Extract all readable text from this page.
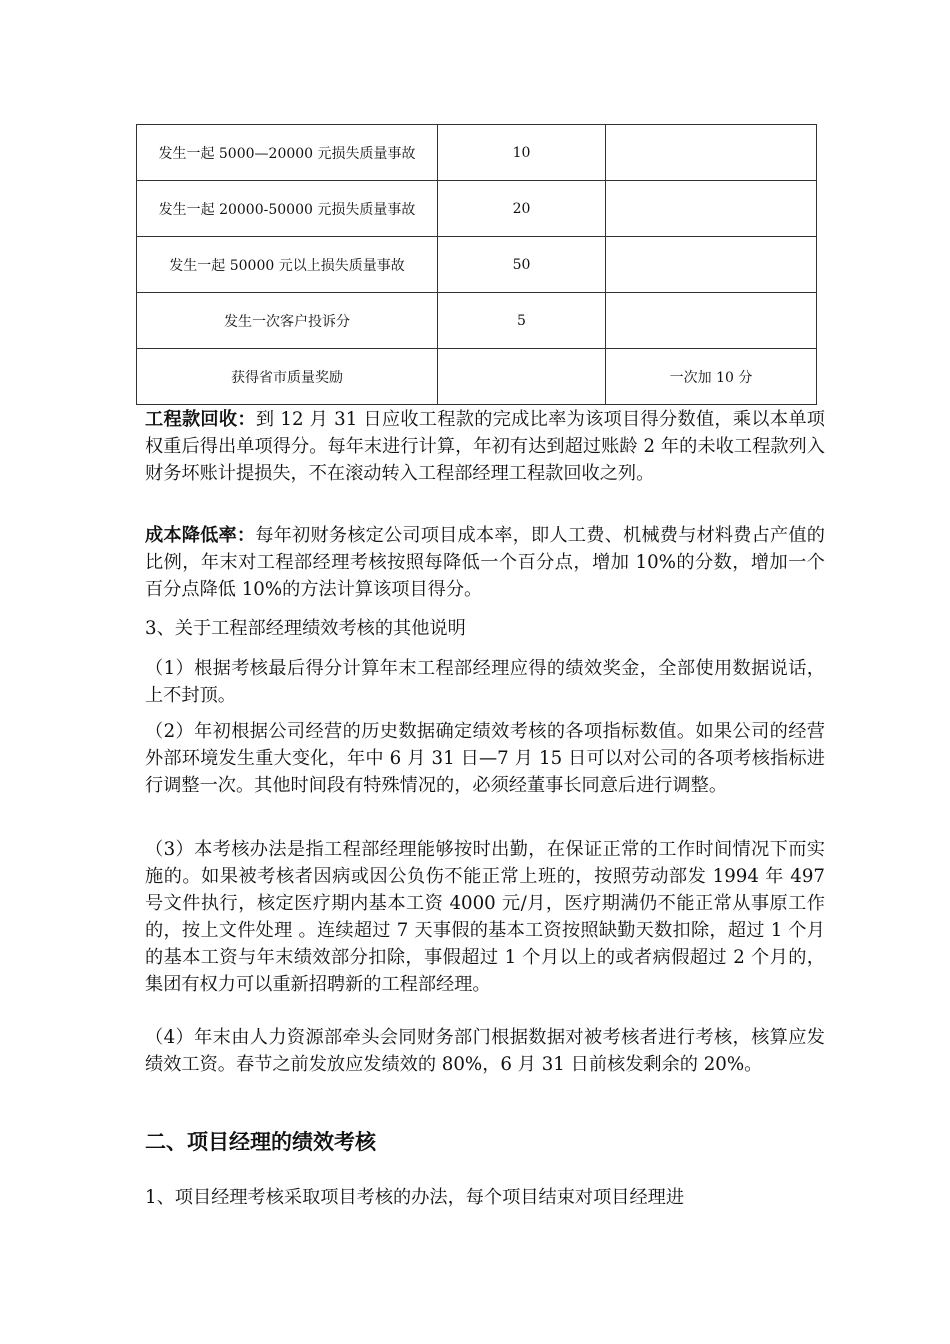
发生一起 5000—20000 元损失质量事故	10	
发生一起 20000-50000 元损失质量事故	20	
发生一起 50000 元以上损失质量事故	50	
发生一次客户投诉分	5	
获得省市质量奖励		一次加 10 分

工程款回收：到 12 月 31 日应收工程款的完成比率为该项目得分数值，乘以本单项权重后得出单项得分。每年末进行计算，年初有达到超过账龄 2 年的未收工程款列入财务坏账计提损失，不在滚动转入工程部经理工程款回收之列。

成本降低率：每年初财务核定公司项目成本率，即人工费、机械费与材料费占产值的比例，年末对工程部经理考核按照每降低一个百分点，增加 10%的分数，增加一个百分点降低 10%的方法计算该项目得分。

3、关于工程部经理绩效考核的其他说明

（1）根据考核最后得分计算年末工程部经理应得的绩效奖金，全部使用数据说话，上不封顶。

（2）年初根据公司经营的历史数据确定绩效考核的各项指标数值。如果公司的经营外部环境发生重大变化，年中 6 月 31 日—7 月 15 日可以对公司的各项考核指标进行调整一次。其他时间段有特殊情况的，必须经董事长同意后进行调整。

（3）本考核办法是指工程部经理能够按时出勤，在保证正常的工作时间情况下而实施的。如果被考核者因病或因公负伤不能正常上班的，按照劳动部发 1994 年 497 号文件执行，核定医疗期内基本工资 4000 元/月，医疗期满仍不能正常从事原工作的，按上文件处理 。连续超过 7 天事假的基本工资按照缺勤天数扣除，超过 1 个月的基本工资与年末绩效部分扣除，事假超过 1 个月以上的或者病假超过 2 个月的，集团有权力可以重新招聘新的工程部经理。

（4）年末由人力资源部牵头会同财务部门根据数据对被考核者进行考核，核算应发绩效工资。春节之前发放应发绩效的 80%，6 月 31 日前核发剩余的 20%。

二、项目经理的绩效考核

1、项目经理考核采取项目考核的办法，每个项目结束对项目经理进
